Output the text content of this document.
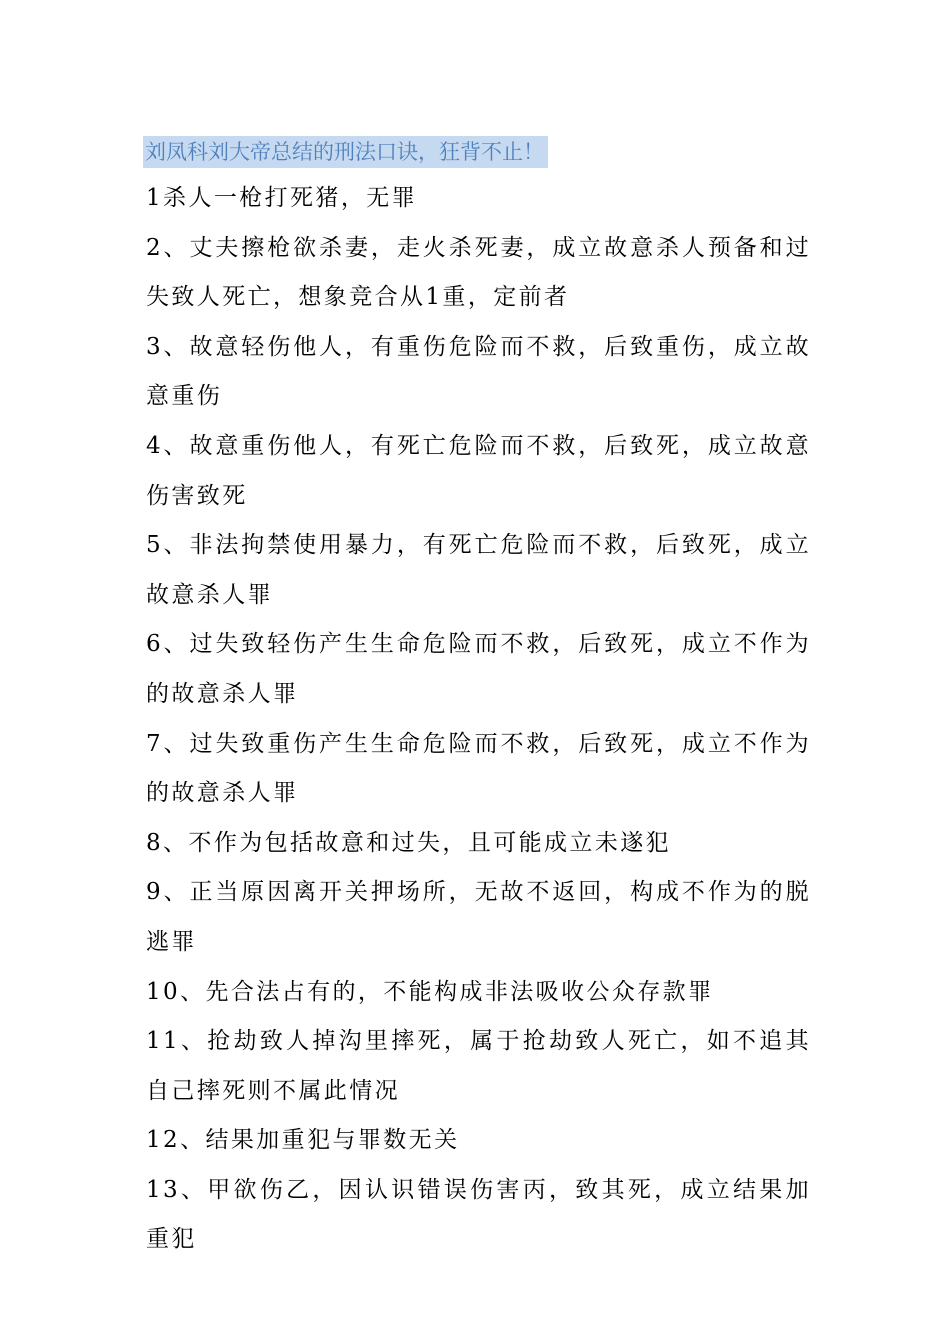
刘凤科刘大帝总结的刑法口诀，狂背不止！

1杀人一枪打死猪，无罪

2、丈夫擦枪欲杀妻，走火杀死妻，成立故意杀人预备和过失致人死亡，想象竞合从1重，定前者

3、故意轻伤他人，有重伤危险而不救，后致重伤，成立故意重伤

4、故意重伤他人，有死亡危险而不救，后致死，成立故意伤害致死

5、非法拘禁使用暴力，有死亡危险而不救，后致死，成立故意杀人罪

6、过失致轻伤产生生命危险而不救，后致死，成立不作为的故意杀人罪

7、过失致重伤产生生命危险而不救，后致死，成立不作为的故意杀人罪

8、不作为包括故意和过失，且可能成立未遂犯

9、正当原因离开关押场所，无故不返回，构成不作为的脱逃罪

10、先合法占有的，不能构成非法吸收公众存款罪

11、抢劫致人掉沟里摔死，属于抢劫致人死亡，如不追其自己摔死则不属此情况

12、结果加重犯与罪数无关

13、甲欲伤乙，因认识错误伤害丙，致其死，成立结果加重犯
